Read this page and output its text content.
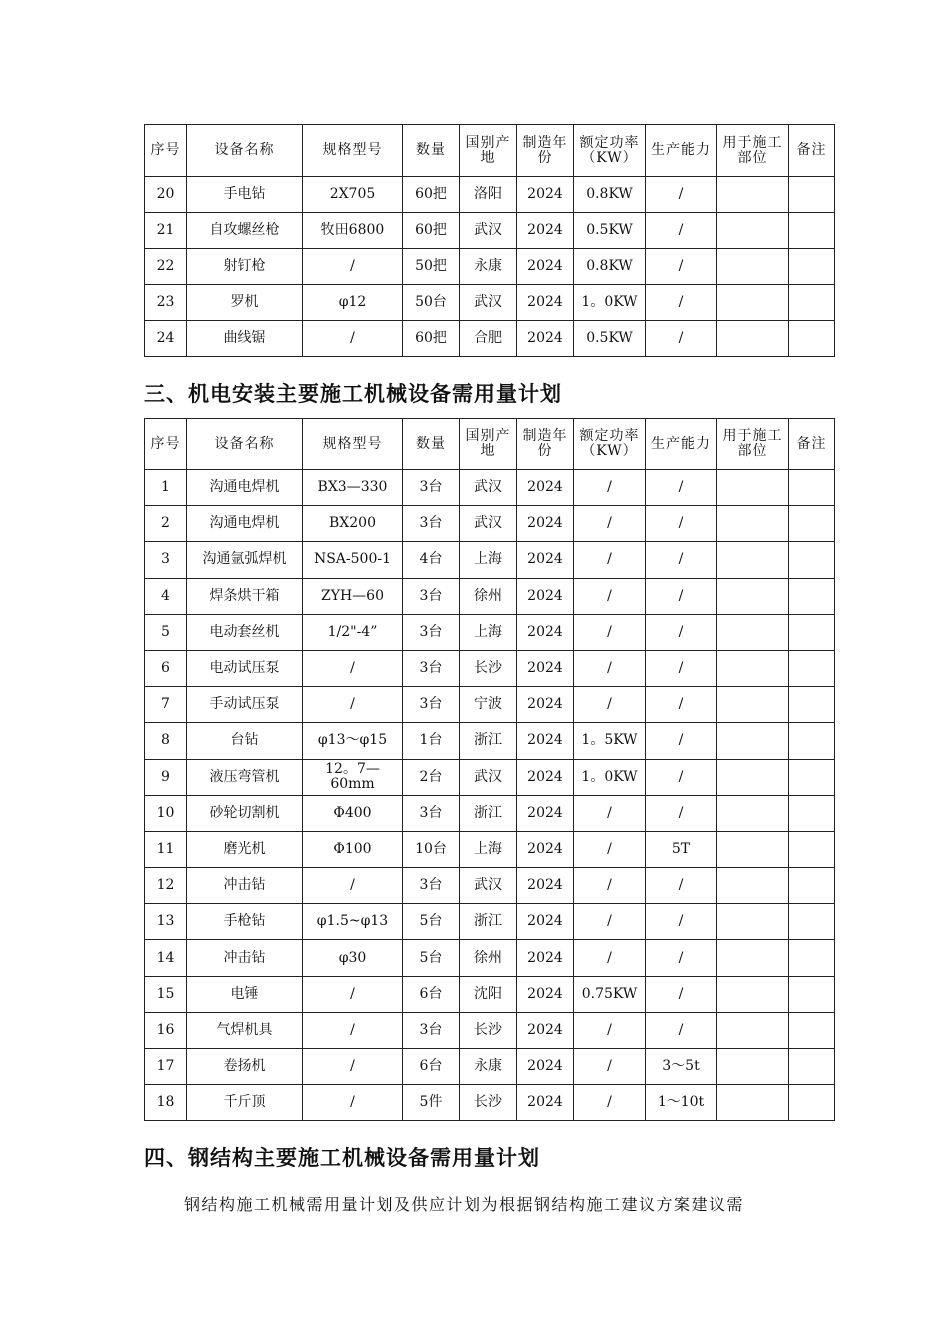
序号	设备名称	规格型号	数量	国别产地	制造年份	额定功率（KW）	生产能力	用于施工部位	备注
20	手电钻	2X705	60把	洛阳	2024	0.8KW	/		
21	自攻螺丝枪	牧田6800	60把	武汉	2024	0.5KW	/		
22	射钉枪	/	50把	永康	2024	0.8KW	/		
23	罗机	φ12	50台	武汉	2024	1。0KW	/		
24	曲线锯	/	60把	合肥	2024	0.5KW	/		
三、机电安装主要施工机械设备需用量计划
序号	设备名称	规格型号	数量	国别产地	制造年份	额定功率（KW）	生产能力	用于施工部位	备注
1	沟通电焊机	BX3—330	3台	武汉	2024	/	/		
2	沟通电焊机	BX200	3台	武汉	2024	/	/		
3	沟通氩弧焊机	NSA-500-1	4台	上海	2024	/	/		
4	焊条烘干箱	ZYH—60	3台	徐州	2024	/	/		
5	电动套丝机	1/2"-4”	3台	上海	2024	/	/		
6	电动试压泵	/	3台	长沙	2024	/	/		
7	手动试压泵	/	3台	宁波	2024	/	/		
8	台钻	φ13～φ15	1台	浙江	2024	1。5KW	/		
9	液压弯管机	12。7—60mm	2台	武汉	2024	1。0KW	/		
10	砂轮切割机	Φ400	3台	浙江	2024	/	/		
11	磨光机	Φ100	10台	上海	2024	/	5T		
12	冲击钻	/	3台	武汉	2024	/	/		
13	手枪钻	φ1.5~φ13	5台	浙江	2024	/	/		
14	冲击钻	φ30	5台	徐州	2024	/	/		
15	电锤	/	6台	沈阳	2024	0.75KW	/		
16	气焊机具	/	3台	长沙	2024	/	/		
17	卷扬机	/	6台	永康	2024	/	3～5t		
18	千斤顶	/	5件	长沙	2024	/	1～10t		
四、钢结构主要施工机械设备需用量计划
钢结构施工机械需用量计划及供应计划为根据钢结构施工建议方案建议需
